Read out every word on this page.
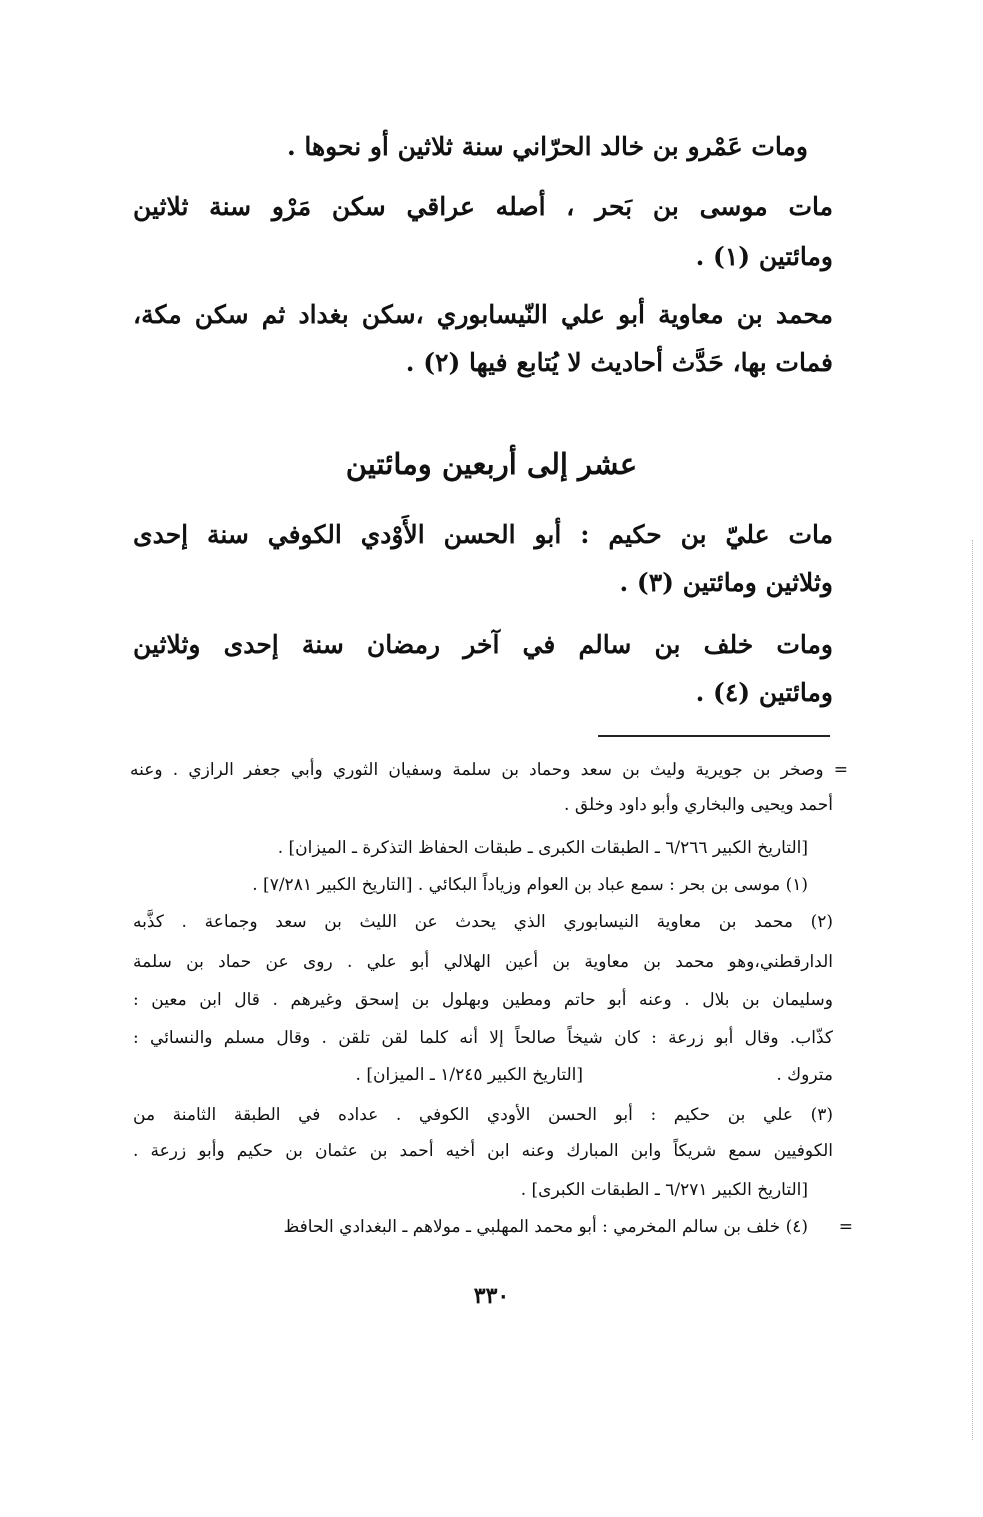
ومات عَمْرو بن خالد الحرّاني سنة ثلاثين أو نحوها .
مات موسى بن بَحر ، أصله عراقي سكن مَرْو سنة ثلاثين
ومائتين (١) .
محمد بن معاوية أبو علي النّيسابوري ،سكن بغداد ثم سكن مكة،
فمات بها، حَدَّث أحاديث لا يُتابع فيها (٢) .
عشر إلى أربعين ومائتين
مات عليّ بن حكيم : أبو الحسن الأَوْدي الكوفي سنة إحدى
وثلاثين ومائتين (٣) .
ومات خلف بن سالم في آخر رمضان سنة إحدى وثلاثين
ومائتين (٤) .
= وصخر بن جويرية وليث بن سعد وحماد بن سلمة وسفيان الثوري وأبي جعفر الرازي . وعنه
أحمد ويحيى والبخاري وأبو داود وخلق .
[التاريخ الكبير ٦/٢٦٦ ـ الطبقات الكبرى ـ طبقات الحفاظ التذكرة ـ الميزان] .
(١) موسى بن بحر : سمع عباد بن العوام وزياداً البكائي . [التاريخ الكبير ٧/٢٨١] .
(٢) محمد بن معاوية النيسابوري الذي يحدث عن الليث بن سعد وجماعة . كذَّبه
الدارقطني،وهو محمد بن معاوية بن أعين الهلالي أبو علي . روى عن حماد بن سلمة
وسليمان بن بلال . وعنه أبو حاتم ومطين وبهلول بن إسحق وغيرهم . قال ابن معين :
كذّاب. وقال أبو زرعة : كان شيخاً صالحاً إلا أنه كلما لقن تلقن . وقال مسلم والنسائي :
متروك .
[التاريخ الكبير ١/٢٤٥ ـ الميزان] .
(٣) علي بن حكيم : أبو الحسن الأودي الكوفي . عداده في الطبقة الثامنة من
الكوفيين سمع شريكاً وابن المبارك وعنه ابن أخيه أحمد بن عثمان بن حكيم وأبو زرعة .
[التاريخ الكبير ٦/٢٧١ ـ الطبقات الكبرى] .
(٤) خلف بن سالم المخرمي : أبو محمد المهلبي ـ مولاهم ـ البغدادي الحافظ =
٣٣٠
